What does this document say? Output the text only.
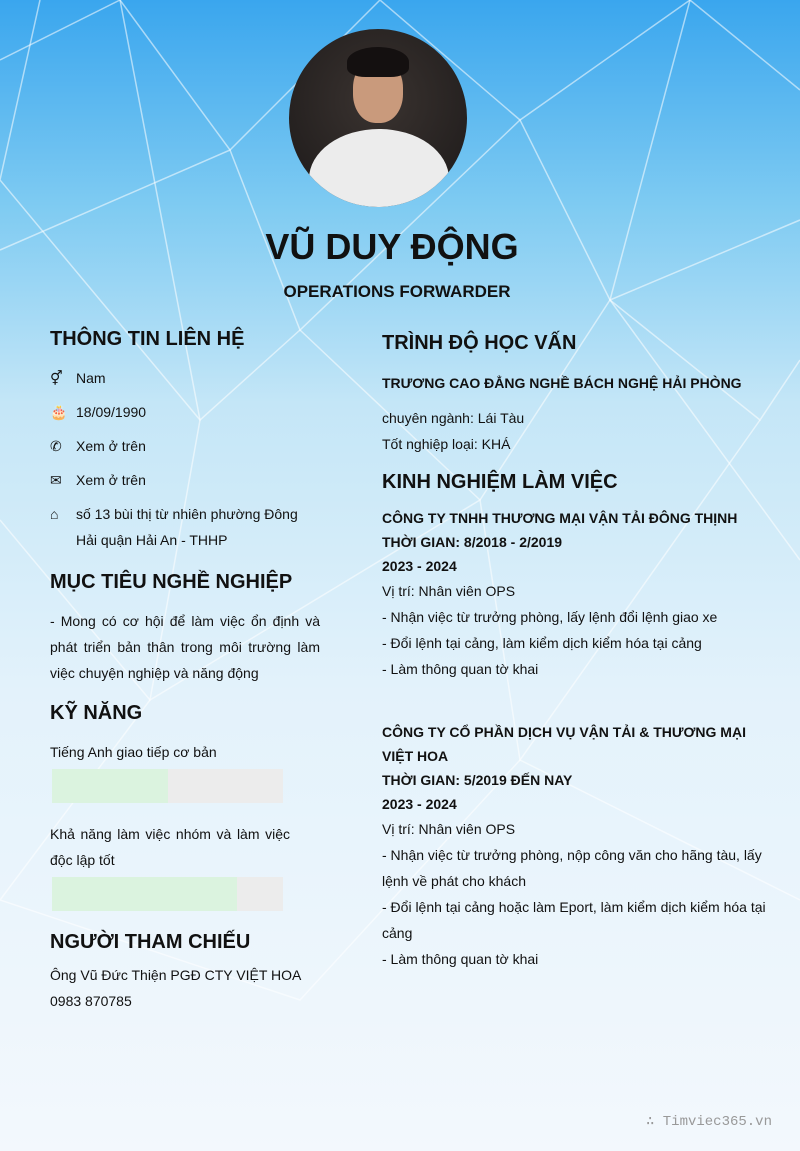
VŨ DUY ĐỘNG
OPERATIONS FORWARDER
THÔNG TIN LIÊN HỆ
⚥ Nam
🎂 18/09/1990
✆	Xem ở trên
✉	Xem ở trên
⌂	số 13 bùi thị từ nhiên phường Đông Hải quận Hải An - THHP
MỤC TIÊU NGHỀ NGHIỆP
- Mong có cơ hội để làm việc ổn định và phát triển bản thân trong môi trường làm việc chuyện nghiệp và năng động
KỸ NĂNG
Tiếng Anh giao tiếp cơ bản
Khả năng làm việc nhóm và làm việc độc lập tốt
NGƯỜI THAM CHIẾU
Ông Vũ Đức Thiện PGĐ CTY VIỆT HOA
0983 870785
TRÌNH ĐỘ HỌC VẤN
TRƯƠNG CAO ĐẲNG NGHỀ BÁCH NGHỆ HẢI PHÒNG
chuyên ngành: Lái Tàu
Tốt nghiệp loại: KHÁ
KINH NGHIỆM LÀM VIỆC
CÔNG TY TNHH THƯƠNG MẠI VẬN TẢI ĐÔNG THỊNH
THỜI GIAN: 8/2018 - 2/2019
2023 - 2024
Vị trí: Nhân viên OPS
- Nhận việc từ trưởng phòng, lấy lệnh đổi lệnh giao xe
- Đổi lệnh tại cảng, làm kiểm dịch kiểm hóa tại cảng
- Làm thông quan tờ khai
CÔNG TY CỔ PHẦN DỊCH VỤ VẬN TẢI & THƯƠNG MẠI VIỆT HOA
THỜI GIAN: 5/2019 ĐẾN NAY
2023 - 2024
Vị trí: Nhân viên OPS
- Nhận việc từ trưởng phòng, nộp công văn cho hãng tàu, lấy lệnh về phát cho khách
- Đổi lệnh tại cảng hoặc làm Eport, làm kiểm dịch kiểm hóa tại cảng
- Làm thông quan tờ khai
∴ Timviec365.vn
